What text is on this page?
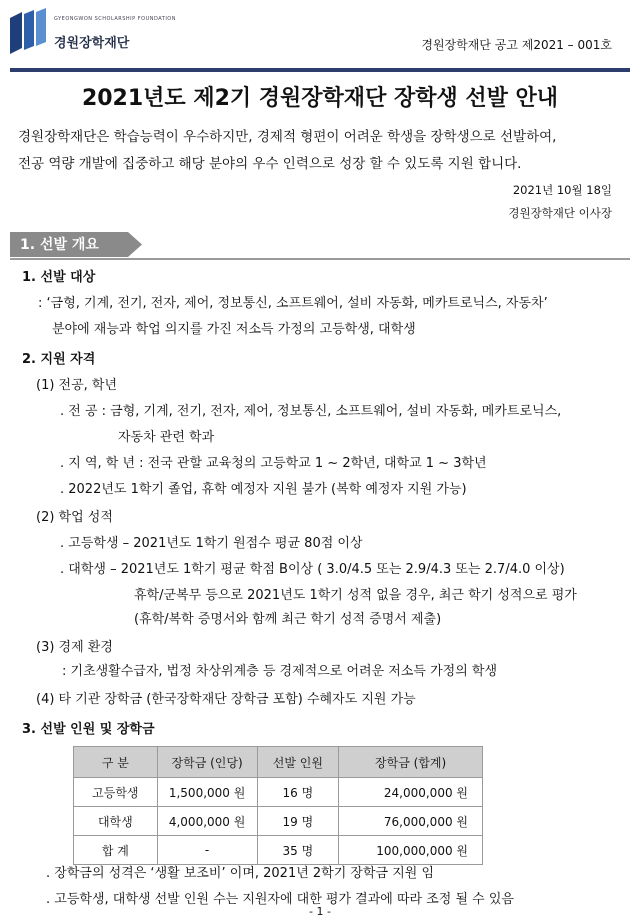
GYEONGWON SCHOLARSHIP FOUNDATION
경원장학재단	경원장학재단 공고 제2021 – 001호
2021년도 제2기 경원장학재단 장학생 선발 안내
경원장학재단은 학습능력이 우수하지만, 경제적 형편이 어려운 학생을 장학생으로 선발하여,
전공 역량 개발에 집중하고 해당 분야의 우수 인력으로 성장 할 수 있도록 지원 합니다.
2021년 10월 18일
경원장학재단 이사장
1. 선발 개요
1. 선발 대상
: ‘금형, 기계, 전기, 전자, 제어, 정보통신, 소프트웨어, 설비 자동화, 메카트로닉스, 자동차’
분야에 재능과 학업 의지를 가진 저소득 가정의 고등학생, 대학생
2. 지원 자격
(1) 전공, 학년
. 전 공 : 금형, 기계, 전기, 전자, 제어, 정보통신, 소프트웨어, 설비 자동화, 메카트로닉스,
자동차 관련 학과
. 지 역, 학 년 : 전국 관할 교육청의 고등학교 1 ~ 2학년, 대학교 1 ~ 3학년
. 2022년도 1학기 졸업, 휴학 예정자 지원 불가 (복학 예정자 지원 가능)
(2) 학업 성적
. 고등학생 – 2021년도 1학기 원점수 평균 80점 이상
. 대학생 – 2021년도 1학기 평균 학점 B이상 ( 3.0/4.5 또는 2.9/4.3 또는 2.7/4.0 이상)
휴학/군복무 등으로 2021년도 1학기 성적 없을 경우, 최근 학기 성적으로 평가
(휴학/복학 증명서와 함께 최근 학기 성적 증명서 제출)
(3) 경제 환경
: 기초생활수급자, 법정 차상위계층 등 경제적으로 어려운 저소득 가정의 학생
(4) 타 기관 장학금 (한국장학재단 장학금 포함) 수혜자도 지원 가능
3. 선발 인원 및 장학금
구 분	장학금 (인당)	선발 인원	장학금 (합계)
고등학생	1,500,000 원	16 명	24,000,000 원
대학생	4,000,000 원	19 명	76,000,000 원
합 계	-	35 명	100,000,000 원
. 장학금의 성격은 ‘생활 보조비’ 이며, 2021년 2학기 장학금 지원 임
. 고등학생, 대학생 선발 인원 수는 지원자에 대한 평가 결과에 따라 조정 될 수 있음
- 1 -
